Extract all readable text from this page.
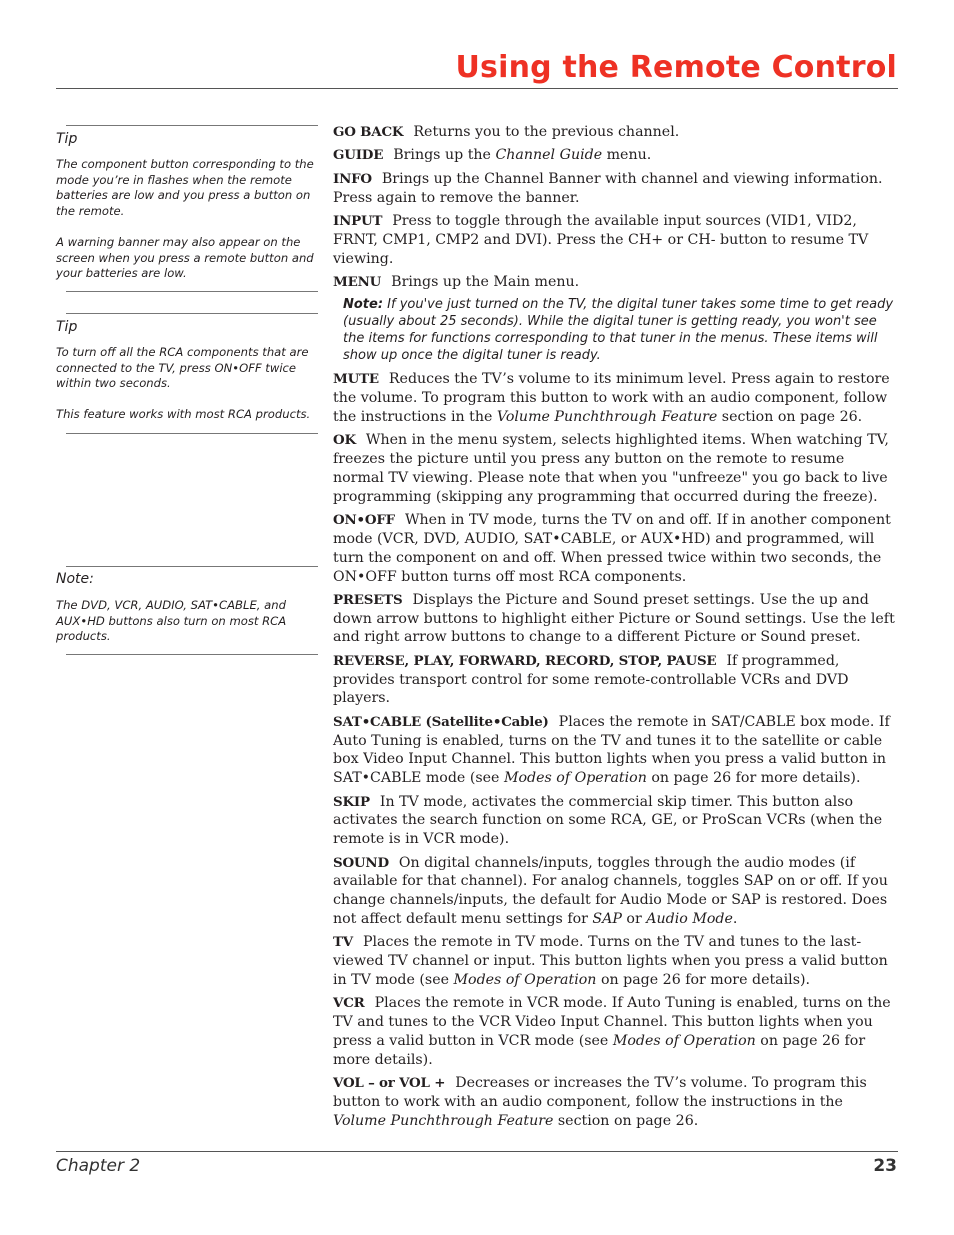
Using the Remote Control
Tip

The component button corresponding to the mode you’re in flashes when the remote batteries are low and you press a button on the remote.

A warning banner may also appear on the screen when you press a remote button and your batteries are low.

Tip

To turn off all the RCA components that are connected to the TV, press ON•OFF twice within two seconds.

This feature works with most RCA products.

Note:

The DVD, VCR, AUDIO, SAT•CABLE, and AUX•HD buttons also turn on most RCA products.

GO BACK Returns you to the previous channel.

GUIDE Brings up the Channel Guide menu.

INFO Brings up the Channel Banner with channel and viewing information. Press again to remove the banner.

INPUT Press to toggle through the available input sources (VID1, VID2, FRNT, CMP1, CMP2 and DVI). Press the CH+ or CH- button to resume TV viewing.

MENU Brings up the Main menu.

Note: If you've just turned on the TV, the digital tuner takes some time to get ready (usually about 25 seconds). While the digital tuner is getting ready, you won't see the items for functions corresponding to that tuner in the menus. These items will show up once the digital tuner is ready.

MUTE Reduces the TV’s volume to its minimum level. Press again to restore the volume. To program this button to work with an audio component, follow the instructions in the Volume Punchthrough Feature section on page 26.

OK When in the menu system, selects highlighted items. When watching TV, freezes the picture until you press any button on the remote to resume normal TV viewing. Please note that when you "unfreeze" you go back to live programming (skipping any programming that occurred during the freeze).

ON•OFF When in TV mode, turns the TV on and off. If in another component mode (VCR, DVD, AUDIO, SAT•CABLE, or AUX•HD) and programmed, will turn the component on and off. When pressed twice within two seconds, the ON•OFF button turns off most RCA components.

PRESETS Displays the Picture and Sound preset settings. Use the up and down arrow buttons to highlight either Picture or Sound settings. Use the left and right arrow buttons to change to a different Picture or Sound preset.

REVERSE, PLAY, FORWARD, RECORD, STOP, PAUSE If programmed, provides transport control for some remote-controllable VCRs and DVD players.

SAT•CABLE (Satellite•Cable) Places the remote in SAT/CABLE box mode. If Auto Tuning is enabled, turns on the TV and tunes it to the satellite or cable box Video Input Channel. This button lights when you press a valid button in SAT•CABLE mode (see Modes of Operation on page 26 for more details).

SKIP In TV mode, activates the commercial skip timer. This button also activates the search function on some RCA, GE, or ProScan VCRs (when the remote is in VCR mode).

SOUND On digital channels/inputs, toggles through the audio modes (if available for that channel). For analog channels, toggles SAP on or off. If you change channels/inputs, the default for Audio Mode or SAP is restored. Does not affect default menu settings for SAP or Audio Mode.

TV Places the remote in TV mode. Turns on the TV and tunes to the last-viewed TV channel or input. This button lights when you press a valid button in TV mode (see Modes of Operation on page 26 for more details).

VCR Places the remote in VCR mode. If Auto Tuning is enabled, turns on the TV and tunes to the VCR Video Input Channel. This button lights when you press a valid button in VCR mode (see Modes of Operation on page 26 for more details).

VOL – or VOL + Decreases or increases the TV’s volume. To program this button to work with an audio component, follow the instructions in the Volume Punchthrough Feature section on page 26.

Chapter 2	23
